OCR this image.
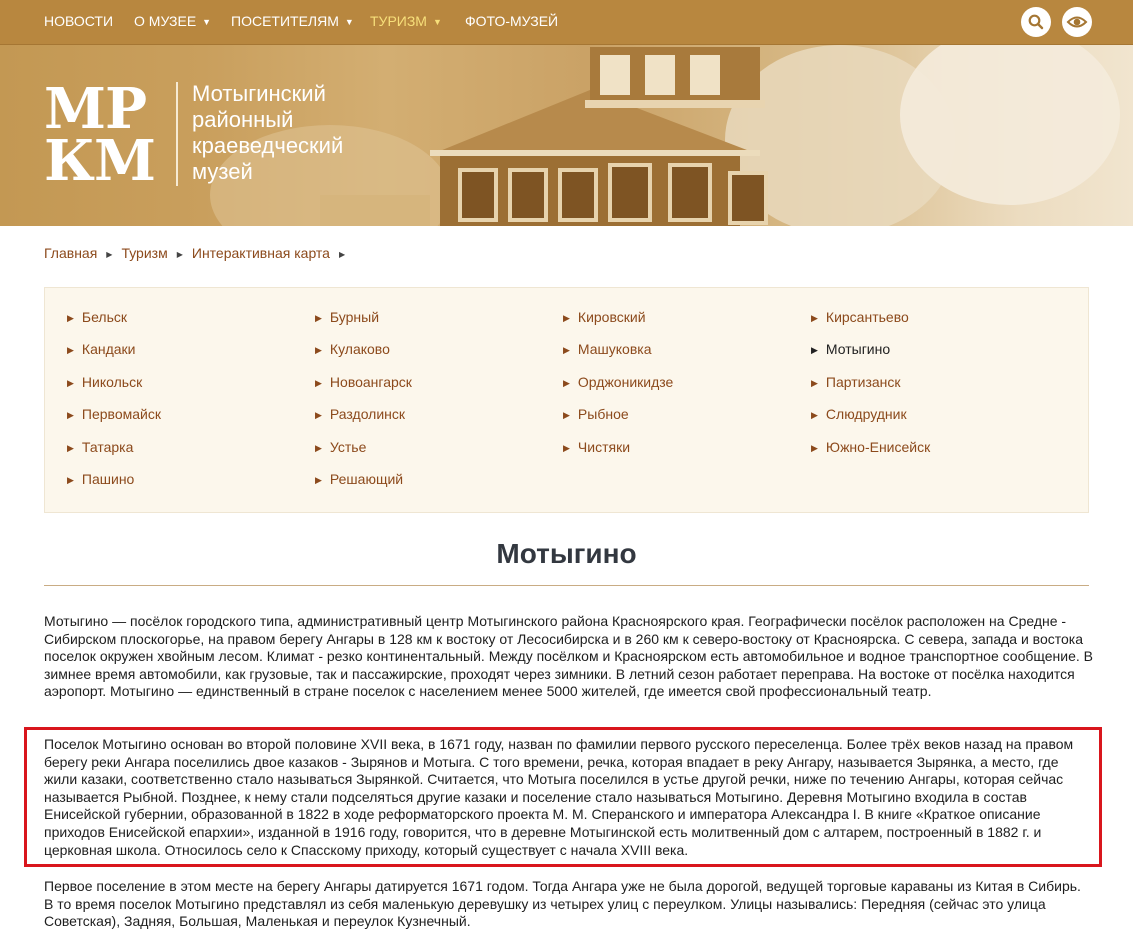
НОВОСТИ О МУЗЕЕ ▼ ПОСЕТИТЕЛЯМ ▼ ТУРИЗМ ▼ ФОТО-МУЗЕЙ
МР
КМ
Мотыгинский
районный
краеведческий
музей
Главная ▶ Туризм ▶ Интерактивная карта ▶
▶ Бельск
▶ Кандаки
▶ Никольск
▶ Первомайск
▶ Татарка
▶ Пашино
▶ Бурный
▶ Кулаково
▶ Новоангарск
▶ Раздолинск
▶ Устье
▶ Решающий
▶ Кировский
▶ Машуковка
▶ Орджоникидзе
▶ Рыбное
▶ Чистяки
▶ Кирсантьево
▶ Мотыгино
▶ Партизанск
▶ Слюдрудник
▶ Южно-Енисейск
Мотыгино

Мотыгино — посёлок городского типа, административный центр Мотыгинского района Красноярского края. Географически посёлок расположен на Средне - Сибирском плоскогорье, на правом берегу Ангары в 128 км к востоку от Лесосибирска и в 260 км к северо-востоку от Красноярска. С севера, запада и востока поселок окружен хвойным лесом. Климат - резко континентальный. Между посёлком и Красноярском есть автомобильное и водное транспортное сообщение. В зимнее время автомобили, как грузовые, так и пассажирские, проходят через зимники. В летний сезон работает переправа. На востоке от посёлка находится аэропорт. Мотыгино — единственный в стране поселок с населением менее 5000 жителей, где имеется свой профессиональный театр.

Поселок Мотыгино основан во второй половине XVII века, в 1671 году, назван по фамилии первого русского переселенца. Более трёх веков назад на правом берегу реки Ангара поселились двое казаков - Зырянов и Мотыга. С того времени, речка, которая впадает в реку Ангару, называется Зырянка, а место, где жили казаки, соответственно стало называться Зырянкой. Считается, что Мотыга поселился в устье другой речки, ниже по течению Ангары, которая сейчас называется Рыбной. Позднее, к нему стали подселяться другие казаки и поселение стало называться Мотыгино. Деревня Мотыгино входила в состав Енисейской губернии, образованной в 1822 в ходе реформаторского проекта М. М. Сперанского и императора Александра I. В книге «Краткое описание приходов Енисейской епархии», изданной в 1916 году, говорится, что в деревне Мотыгинской есть молитвенный дом с алтарем, построенный в 1882 г. и церковная школа. Относилось село к Спасскому приходу, который существует с начала XVIII века.

Первое поселение в этом месте на берегу Ангары датируется 1671 годом. Тогда Ангара уже не была дорогой, ведущей торговые караваны из Китая в Сибирь. В то время поселок Мотыгино представлял из себя маленькую деревушку из четырех улиц с переулком. Улицы назывались: Передняя (сейчас это улица Советская), Задняя, Большая, Маленькая и переулок Кузнечный.
